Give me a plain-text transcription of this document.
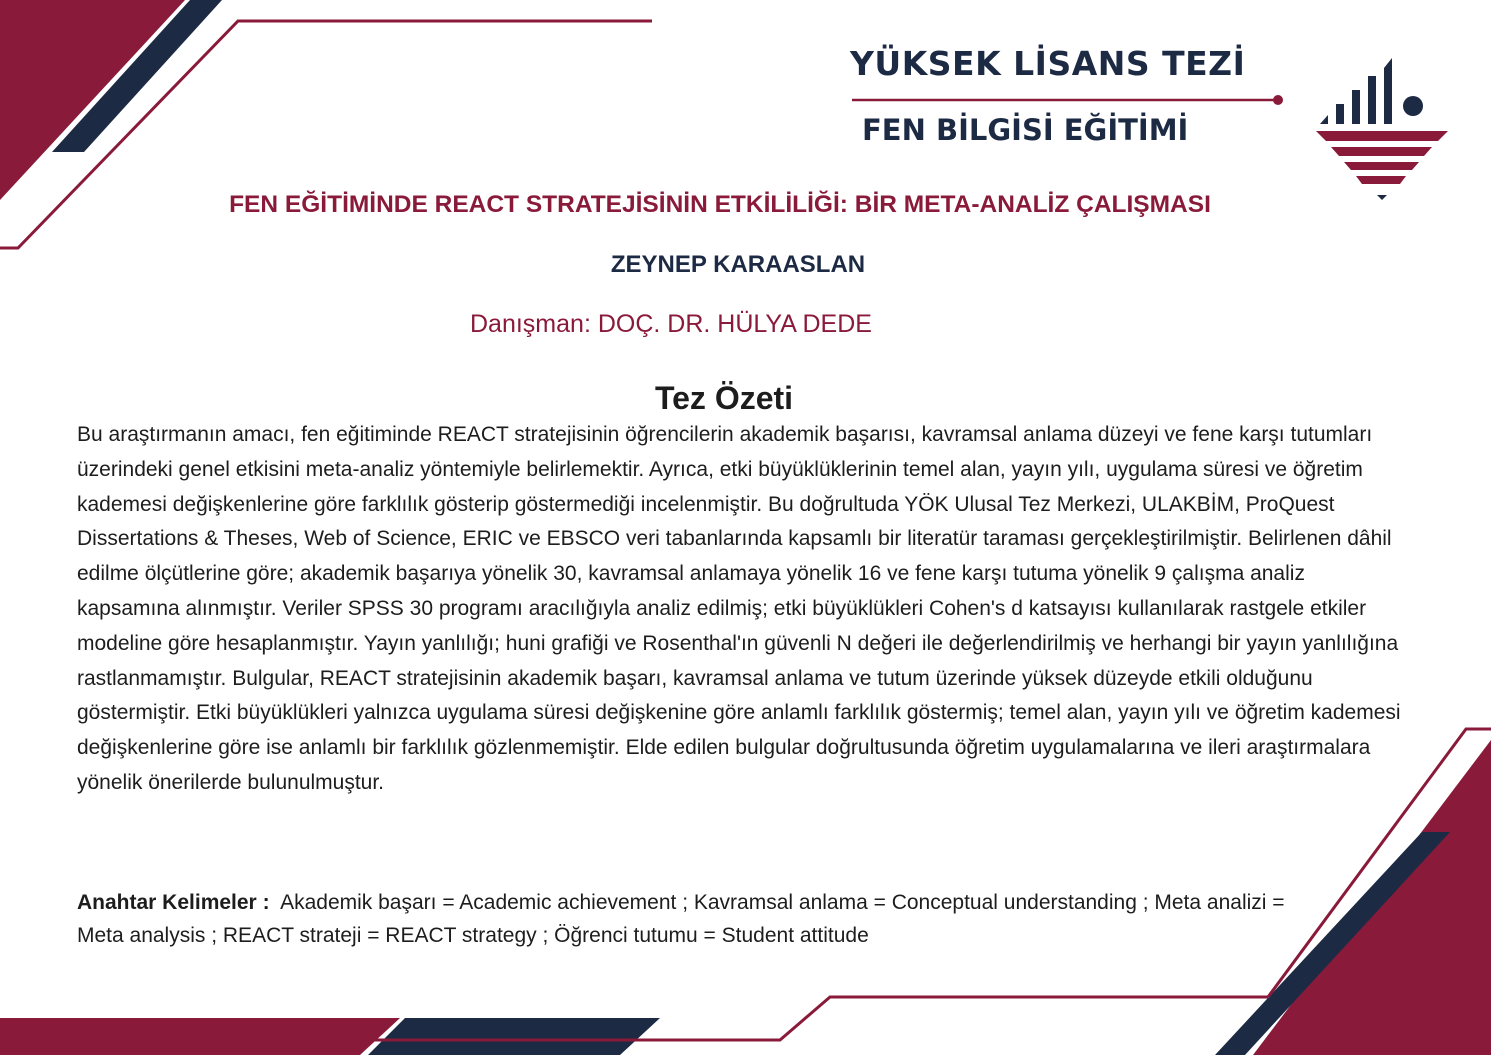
YÜKSEK LİSANS TEZİ
FEN BİLGİSİ EĞİTİMİ
FEN EĞİTİMİNDE REACT STRATEJİSİNİN ETKİLİLİĞİ: BİR META-ANALİZ ÇALIŞMASI
ZEYNEP KARAASLAN
Danışman: DOÇ. DR. HÜLYA DEDE
Tez Özeti

Bu araştırmanın amacı, fen eğitiminde REACT stratejisinin öğrencilerin akademik başarısı, kavramsal anlama düzeyi ve fene karşı tutumları üzerindeki genel etkisini meta-analiz yöntemiyle belirlemektir. Ayrıca, etki büyüklüklerinin temel alan, yayın yılı, uygulama süresi ve öğretim kademesi değişkenlerine göre farklılık gösterip göstermediği incelenmiştir. Bu doğrultuda YÖK Ulusal Tez Merkezi, ULAKBİM, ProQuest Dissertations & Theses, Web of Science, ERIC ve EBSCO veri tabanlarında kapsamlı bir literatür taraması gerçekleştirilmiştir. Belirlenen dâhil edilme ölçütlerine göre; akademik başarıya yönelik 30, kavramsal anlamaya yönelik 16 ve fene karşı tutuma yönelik 9 çalışma analiz kapsamına alınmıştır. Veriler SPSS 30 programı aracılığıyla analiz edilmiş; etki büyüklükleri Cohen's d katsayısı kullanılarak rastgele etkiler modeline göre hesaplanmıştır. Yayın yanlılığı; huni grafiği ve Rosenthal'ın güvenli N değeri ile değerlendirilmiş ve herhangi bir yayın yanlılığına rastlanmamıştır. Bulgular, REACT stratejisinin akademik başarı, kavramsal anlama ve tutum üzerinde yüksek düzeyde etkili olduğunu göstermiştir. Etki büyüklükleri yalnızca uygulama süresi değişkenine göre anlamlı farklılık göstermiş; temel alan, yayın yılı ve öğretim kademesi değişkenlerine göre ise anlamlı bir farklılık gözlenmemiştir. Elde edilen bulgular doğrultusunda öğretim uygulamalarına ve ileri araştırmalara yönelik önerilerde bulunulmuştur.

Anahtar Kelimeler : Akademik başarı = Academic achievement ; Kavramsal anlama = Conceptual understanding ; Meta analizi = Meta analysis ; REACT strateji = REACT strategy ; Öğrenci tutumu = Student attitude
